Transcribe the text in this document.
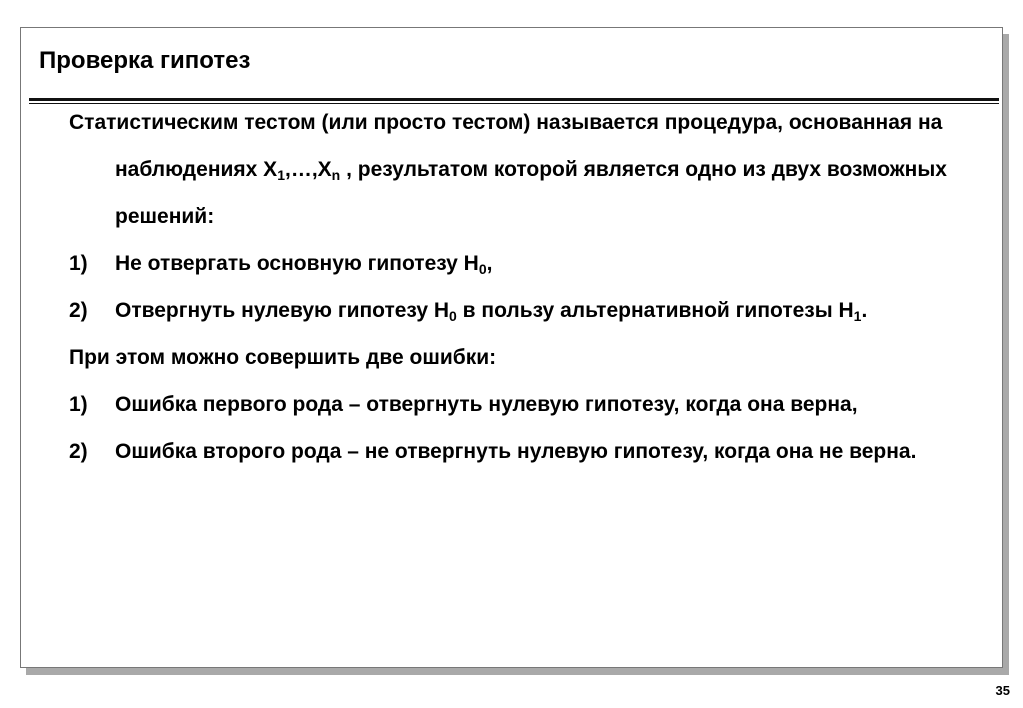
Проверка гипотез

Статистическим тестом (или просто тестом) называется процедура, основанная на наблюдениях $X_1,\dots,X_n$ , результатом которой является одно из двух возможных решений:

1) Не отвергать основную гипотезу $H_0$,

2) Отвергнуть нулевую гипотезу $H_0$ в пользу альтернативной гипотезы $H_1$.

При этом можно совершить две ошибки:

1) Ошибка первого рода – отвергнуть нулевую гипотезу, когда она верна,

2) Ошибка второго рода – не отвергнуть нулевую гипотезу, когда она не верна.

35
